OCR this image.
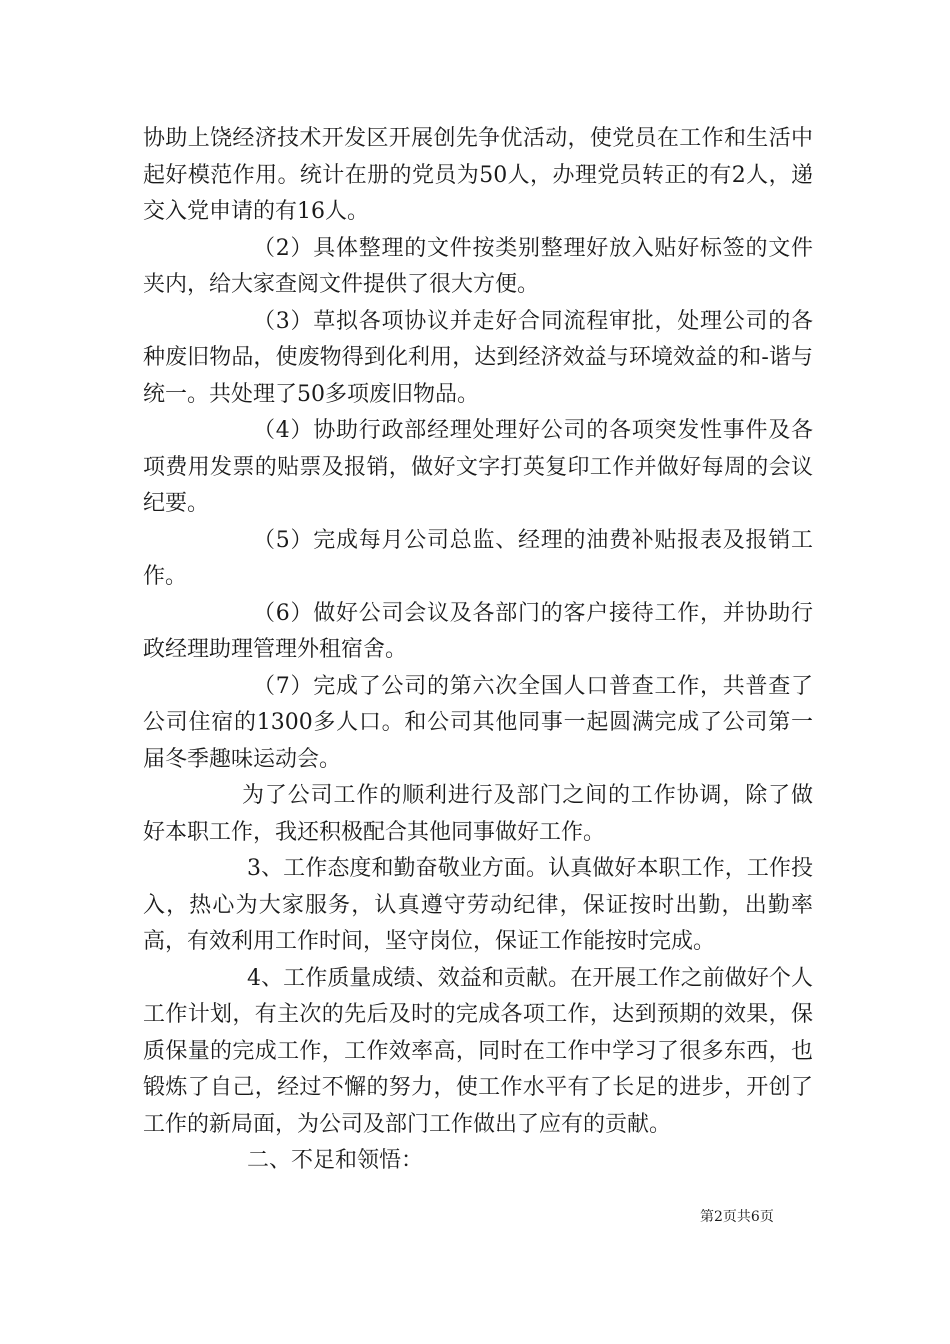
协助上饶经济技术开发区开展创先争优活动，使党员在工作和生活中起好模范作用。统计在册的党员为50人，办理党员转正的有2人，递交入党申请的有16人。

（2）具体整理的文件按类别整理好放入贴好标签的文件夹内，给大家查阅文件提供了很大方便。

（3）草拟各项协议并走好合同流程审批，处理公司的各种废旧物品，使废物得到化利用，达到经济效益与环境效益的和-谐与统一。共处理了50多项废旧物品。

（4）协助行政部经理处理好公司的各项突发性事件及各项费用发票的贴票及报销，做好文字打英复印工作并做好每周的会议纪要。

（5）完成每月公司总监、经理的油费补贴报表及报销工作。

（6）做好公司会议及各部门的客户接待工作，并协助行政经理助理管理外租宿舍。

（7）完成了公司的第六次全国人口普查工作，共普查了公司住宿的1300多人口。和公司其他同事一起圆满完成了公司第一届冬季趣味运动会。

为了公司工作的顺利进行及部门之间的工作协调，除了做好本职工作，我还积极配合其他同事做好工作。

3、工作态度和勤奋敬业方面。认真做好本职工作，工作投入，热心为大家服务，认真遵守劳动纪律，保证按时出勤，出勤率高，有效利用工作时间，坚守岗位，保证工作能按时完成。

4、工作质量成绩、效益和贡献。在开展工作之前做好个人工作计划，有主次的先后及时的完成各项工作，达到预期的效果，保质保量的完成工作，工作效率高，同时在工作中学习了很多东西，也锻炼了自己，经过不懈的努力，使工作水平有了长足的进步，开创了工作的新局面，为公司及部门工作做出了应有的贡献。

二、不足和领悟：

第2页共6页
